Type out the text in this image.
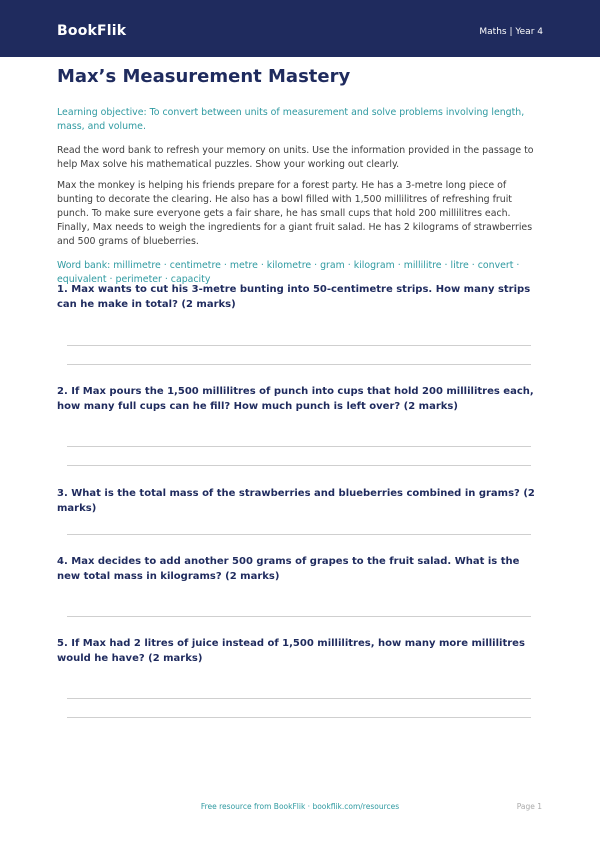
BookFlik	Maths | Year 4
Max’s Measurement Mastery

Learning objective: To convert between units of measurement and solve problems involving length, mass, and volume.

Read the word bank to refresh your memory on units. Use the information provided in the passage to help Max solve his mathematical puzzles. Show your working out clearly.

Max the monkey is helping his friends prepare for a forest party. He has a 3-metre long piece of bunting to decorate the clearing. He also has a bowl filled with 1,500 millilitres of refreshing fruit punch. To make sure everyone gets a fair share, he has small cups that hold 200 millilitres each. Finally, Max needs to weigh the ingredients for a giant fruit salad. He has 2 kilograms of strawberries and 500 grams of blueberries.

Word bank: millimetre · centimetre · metre · kilometre · gram · kilogram · millilitre · litre · convert · equivalent · perimeter · capacity

1. Max wants to cut his 3-metre bunting into 50-centimetre strips. How many strips can he make in total? (2 marks)
2. If Max pours the 1,500 millilitres of punch into cups that hold 200 millilitres each, how many full cups can he fill? How much punch is left over? (2 marks)
3. What is the total mass of the strawberries and blueberries combined in grams? (2 marks)
4. Max decides to add another 500 grams of grapes to the fruit salad. What is the new total mass in kilograms? (2 marks)
5. If Max had 2 litres of juice instead of 1,500 millilitres, how many more millilitres would he have? (2 marks)
Free resource from BookFlik · bookflik.com/resources	Page 1
